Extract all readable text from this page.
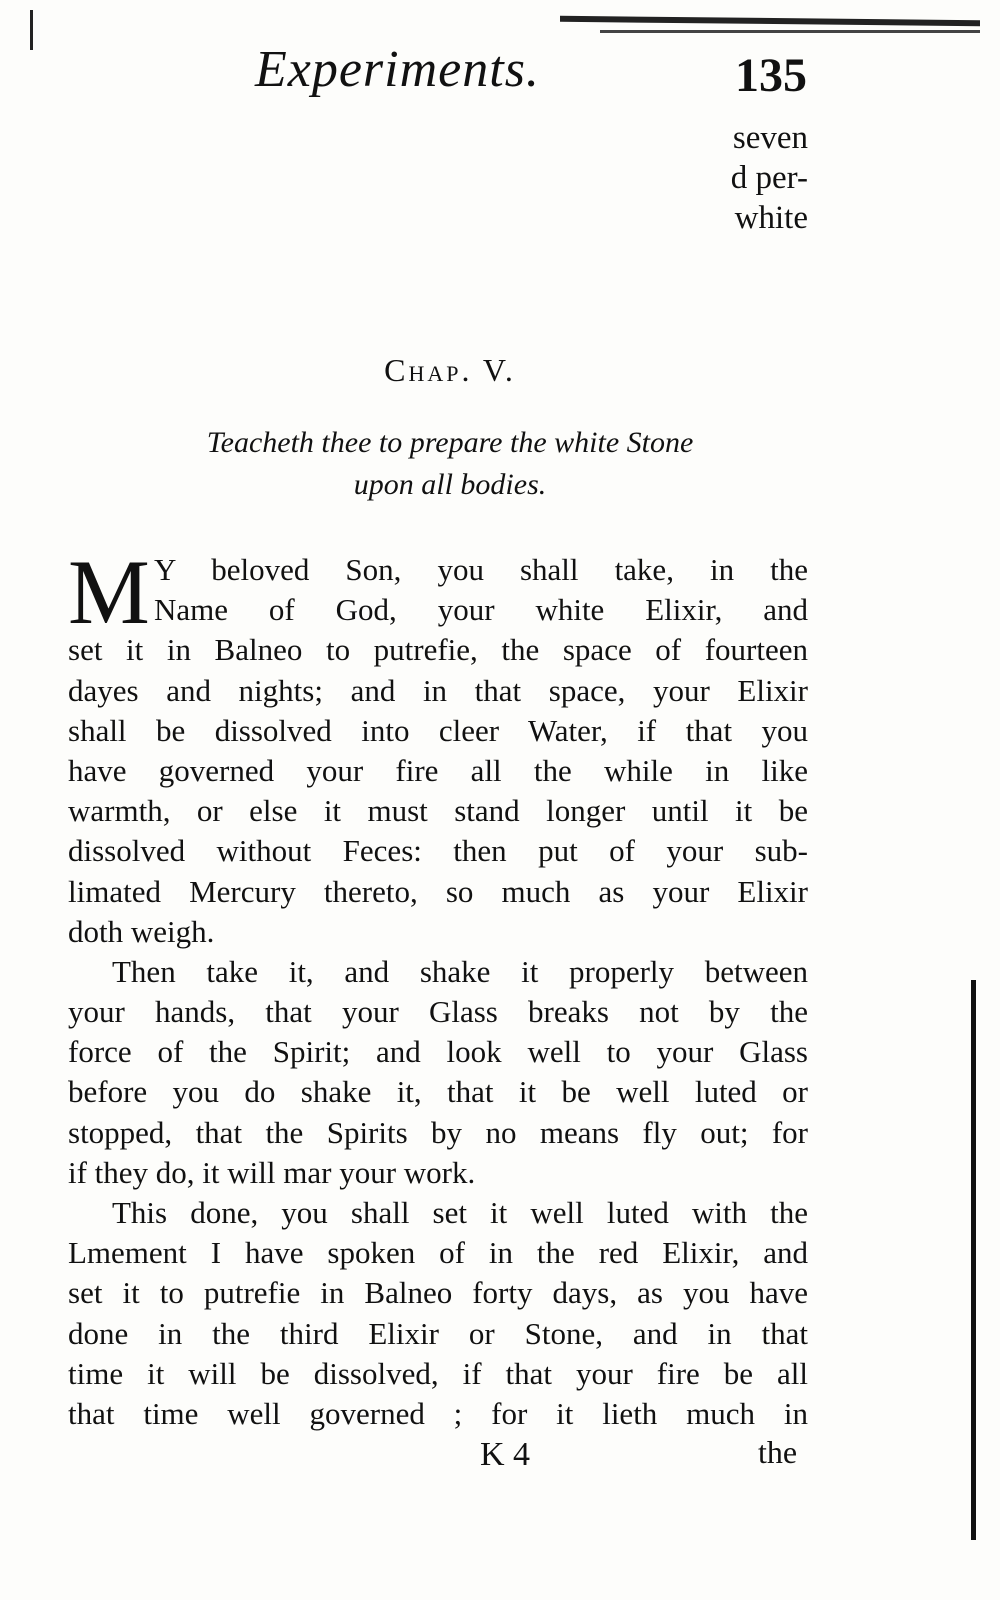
Experiments.	135
seven
d per-
white
Chap. V.
Teacheth thee to prepare the white Stone
upon all bodies.
M Y beloved Son, you shall take, in the
Name of God, your white Elixir, and
set it in Balneo to putrefie, the space of fourteen
dayes and nights; and in that space, your Elixir
shall be dissolved into cleer Water, if that you
have governed your fire all the while in like
warmth, or else it must stand longer until it be
dissolved without Feces: then put of your sub-
limated Mercury thereto, so much as your Elixir
doth weigh.
Then take it, and shake it properly between
your hands, that your Glass breaks not by the
force of the Spirit; and look well to your Glass
before you do shake it, that it be well luted or
stopped, that the Spirits by no means fly out; for
if they do, it will mar your work.
This done, you shall set it well luted with the
Lmement I have spoken of in the red Elixir, and
set it to putrefie in Balneo forty days, as you have
done in the third Elixir or Stone, and in that
time it will be dissolved, if that your fire be all
that time well governed ; for it lieth much in
K 4	the
